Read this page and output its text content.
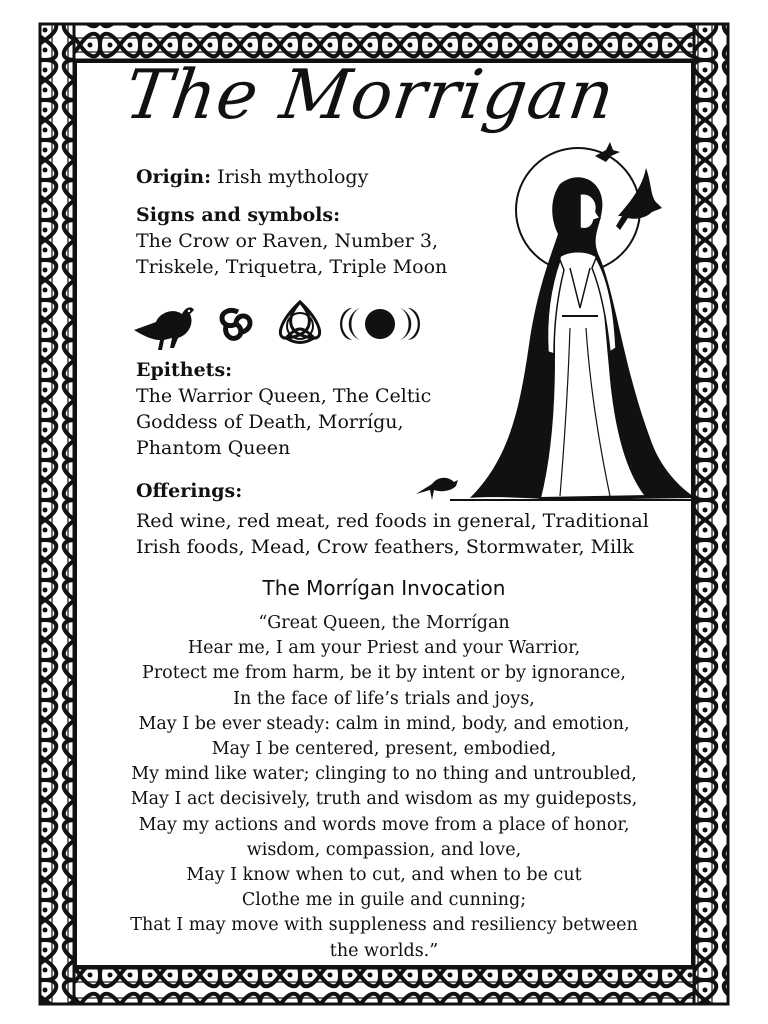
The Morrigan
Origin: Irish mythology
Signs and symbols:
The Crow or Raven, Number 3,
Triskele, Triquetra, Triple Moon
Epithets:
The Warrior Queen, The Celtic
Goddess of Death, Morrígu,
Phantom Queen
Offerings:
Red wine, red meat, red foods in general, Traditional
Irish foods, Mead, Crow feathers, Stormwater, Milk
The Morrígan Invocation
“Great Queen, the Morrígan
Hear me, I am your Priest and your Warrior,
Protect me from harm, be it by intent or by ignorance,
In the face of life’s trials and joys,
May I be ever steady: calm in mind, body, and emotion,
May I be centered, present, embodied,
My mind like water; clinging to no thing and untroubled,
May I act decisively, truth and wisdom as my guideposts,
May my actions and words move from a place of honor,
wisdom, compassion, and love,
May I know when to cut, and when to be cut
Clothe me in guile and cunning;
That I may move with suppleness and resiliency between
the worlds.”
